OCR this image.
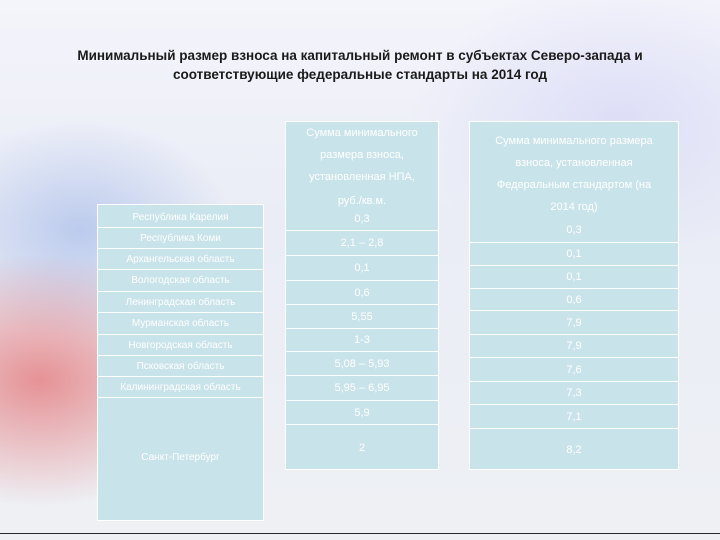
Минимальный размер взноса на капитальный ремонт в субъектах Северо-запада и соответствующие федеральные стандарты на 2014 год
Республика Карелия
Республика Коми
Архангельская область
Вологодская область
Ленинградская область
Мурманская область
Новгородская область
Псковская область
Калининградская область
Санкт-Петербург
Сумма минимального
размера взноса,
установленная НПА,
руб./кв.м.
0,3
2,1 – 2,8
0,1
0,6
5,55
1-3
5,08 – 5,93
5,95 – 6,95
5,9
2
Сумма минимального размера
взноса, установленная
Федеральным стандартом (на
2014 год)
0,3
0,1
0,1
0,6
7,9
7,9
7,6
7,3
7,1
8,2
